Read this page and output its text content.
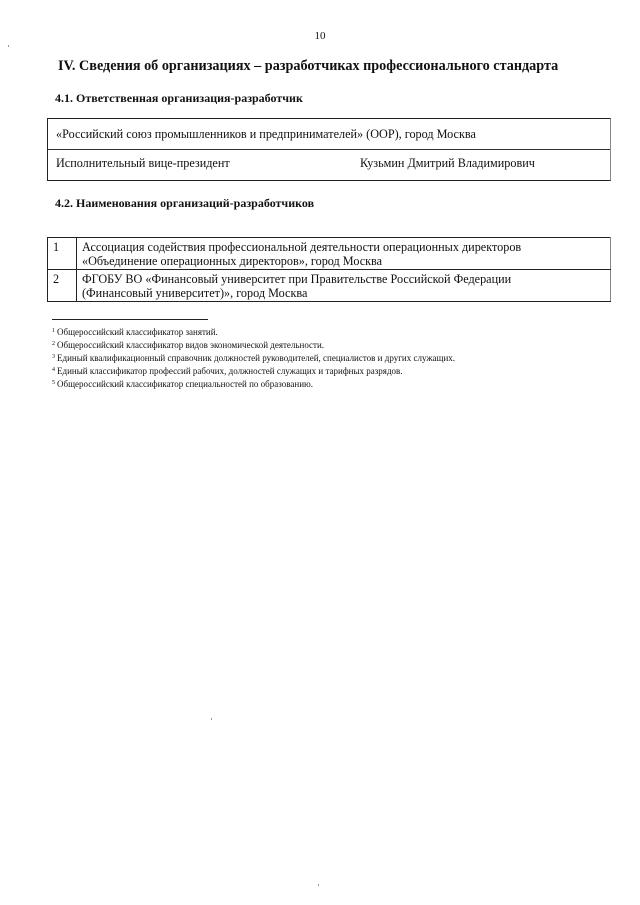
10
IV. Сведения об организациях – разработчиках профессионального стандарта
4.1. Ответственная организация-разработчик
«Российский союз промышленников и предпринимателей» (ООР), город Москва
Исполнительный вице-президент	Кузьмин Дмитрий Владимирович
4.2. Наименования организаций-разработчиков
1	Ассоциация содействия профессиональной деятельности операционных директоров
«Объединение операционных директоров», город Москва

2	ФГОБУ ВО «Финансовый университет при Правительстве Российской Федерации
(Финансовый университет)», город Москва
$^1$ Общероссийский классификатор занятий.
$^2$ Общероссийский классификатор видов экономической деятельности.
$^3$ Единый квалификационный справочник должностей руководителей, специалистов и других служащих.
$^4$ Единый классификатор профессий рабочих, должностей служащих и тарифных разрядов.
$^5$ Общероссийский классификатор специальностей по образованию.
